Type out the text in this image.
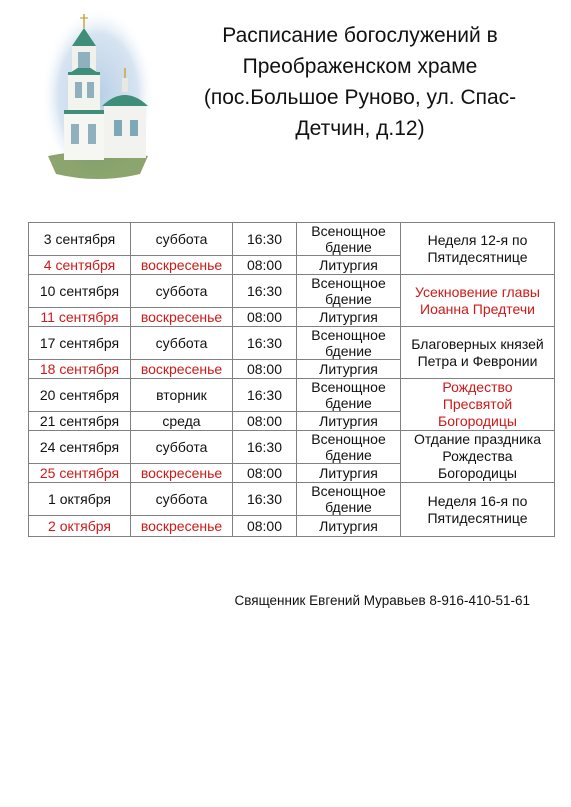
Расписание богослужений в
Преображенском храме
(пос.Большое Руново, ул. Спас-
Детчин, д.12)
3 сентября	суббота	16:30	Всенощное бдение	Неделя 12-я по
Пятидесятнице

4 сентября	воскресенье	08:00	Литургия	
10 сентября	суббота	16:30	Всенощное бдение	Усекновение главы
Иоанна Предтечи

11 сентября	воскресенье	08:00	Литургия	
17 сентября	суббота	16:30	Всенощное бдение	Благоверных князей
Петра и Февронии

18 сентября	воскресенье	08:00	Литургия	
20 сентября	вторник	16:30	Всенощное бдение	Рождество
Пресвятой
Богородицы

21 сентября	среда	08:00	Литургия	
24 сентября	суббота	16:30	Всенощное бдение	Отдание праздника
Рождества
Богородицы

25 сентября	воскресенье	08:00	Литургия	
1 октября	суббота	16:30	Всенощное бдение	Неделя 16-я по
Пятидесятнице

2 октября	воскресенье	08:00	Литургия	
Священник Евгений Муравьев 8-916-410-51-61
